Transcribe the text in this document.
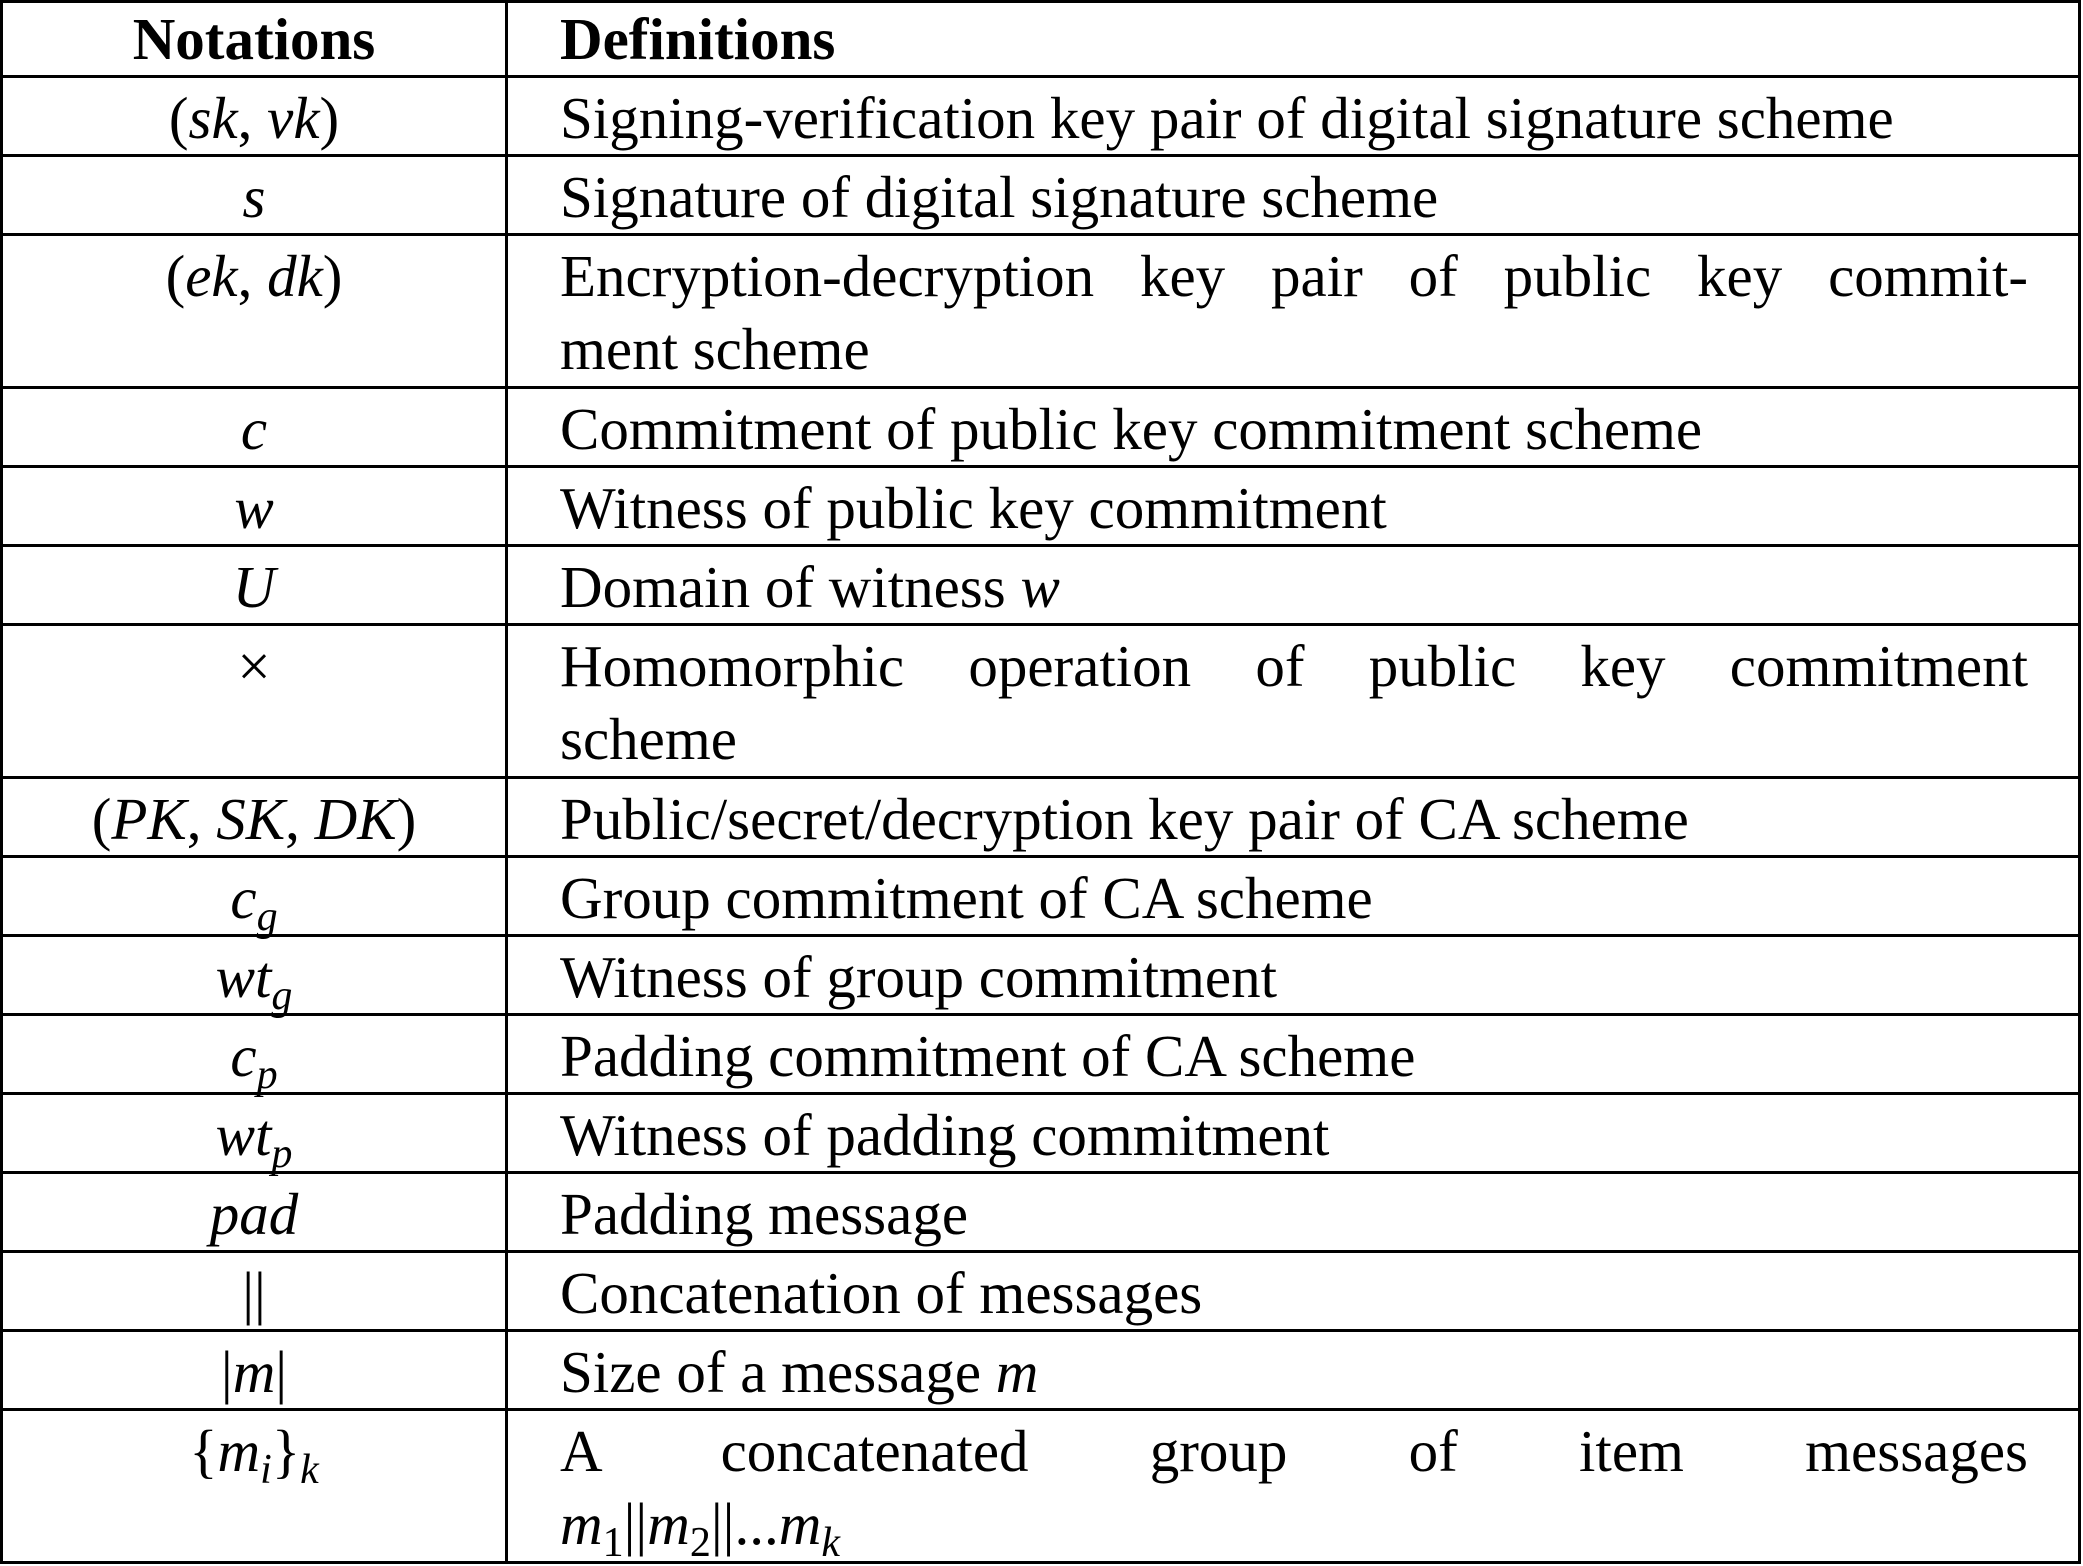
Notations	Definitions
(sk, vk)	Signing-verification key pair of digital signature scheme
s	Signature of digital signature scheme
(ek, dk)	Encryption-decryption key pair of public key commit-
ment scheme

c	Commitment of public key commitment scheme
w	Witness of public key commitment
U	Domain of witness w
×	Homomorphic operation of public key commitment
scheme

(PK, SK, DK)	Public/secret/decryption key pair of CA scheme
$c_g$	Group commitment of CA scheme
$wt_g$	Witness of group commitment
$c_p$	Padding commitment of CA scheme
$wt_p$	Witness of padding commitment
pad	Padding message
||	Concatenation of messages
|m|	Size of a message m
$\{m_i\}_k$	A concatenated group of item messages
$m_1||m_2||...m_k$
